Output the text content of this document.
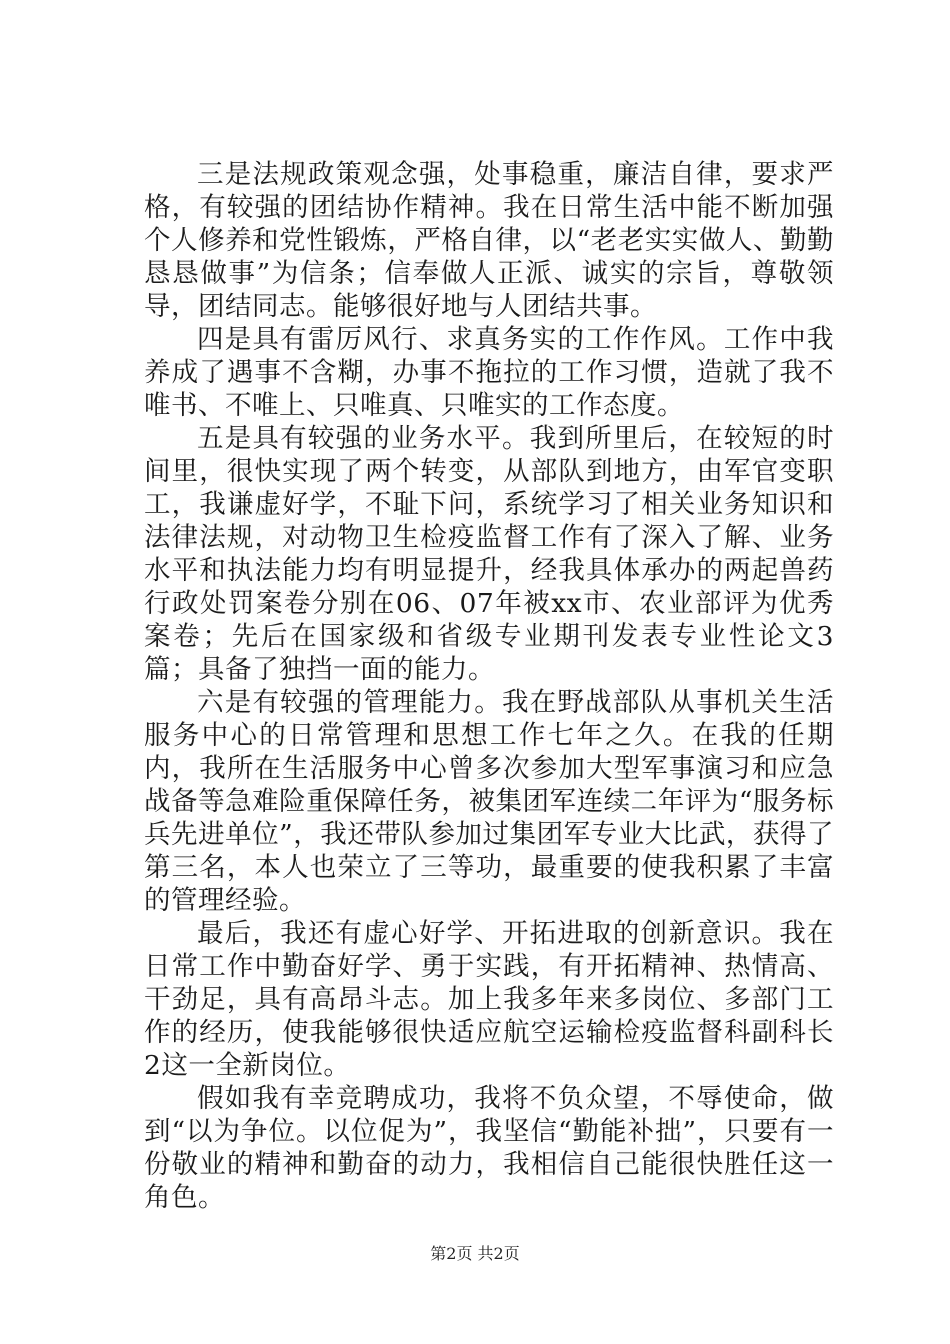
三是法规政策观念强，处事稳重，廉洁自律，要求严格，有较强的团结协作精神。我在日常生活中能不断加强个人修养和党性锻炼，严格自律，以“老老实实做人、勤勤恳恳做事”为信条；信奉做人正派、诚实的宗旨，尊敬领导，团结同志。能够很好地与人团结共事。

四是具有雷厉风行、求真务实的工作作风。工作中我养成了遇事不含糊，办事不拖拉的工作习惯，造就了我不唯书、不唯上、只唯真、只唯实的工作态度。

五是具有较强的业务水平。我到所里后，在较短的时间里，很快实现了两个转变，从部队到地方，由军官变职工，我谦虚好学，不耻下问，系统学习了相关业务知识和法律法规，对动物卫生检疫监督工作有了深入了解、业务水平和执法能力均有明显提升，经我具体承办的两起兽药行政处罚案卷分别在06、07年被xx市、农业部评为优秀案卷；先后在国家级和省级专业期刊发表专业性论文3篇；具备了独挡一面的能力。

六是有较强的管理能力。我在野战部队从事机关生活服务中心的日常管理和思想工作七年之久。在我的任期内，我所在生活服务中心曾多次参加大型军事演习和应急战备等急难险重保障任务，被集团军连续二年评为“服务标兵先进单位”，我还带队参加过集团军专业大比武，获得了第三名，本人也荣立了三等功，最重要的使我积累了丰富的管理经验。

最后，我还有虚心好学、开拓进取的创新意识。我在日常工作中勤奋好学、勇于实践，有开拓精神、热情高、干劲足，具有高昂斗志。加上我多年来多岗位、多部门工作的经历，使我能够很快适应航空运输检疫监督科副科长2这一全新岗位。

假如我有幸竞聘成功，我将不负众望，不辱使命，做到“以为争位。以位促为”，我坚信“勤能补拙”，只要有一份敬业的精神和勤奋的动力，我相信自己能很快胜任这一角色。

第2页 共2页
